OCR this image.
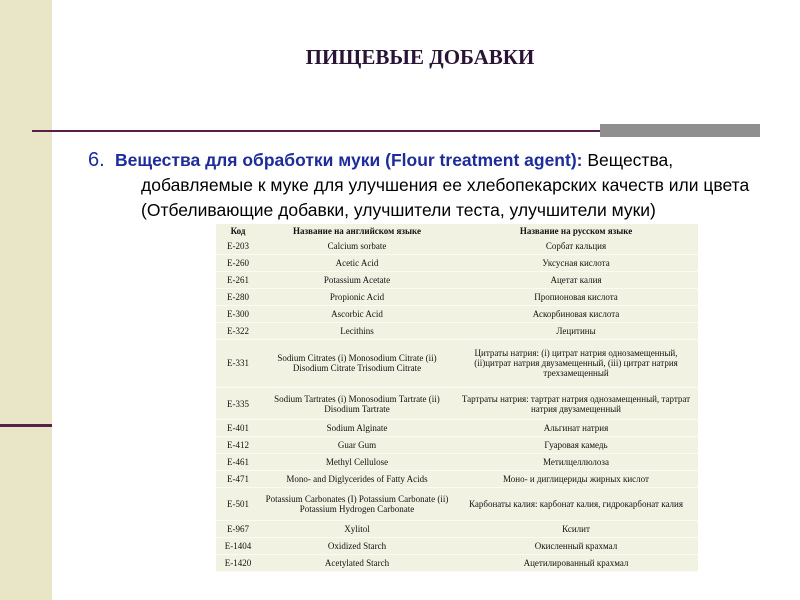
ПИЩЕВЫЕ ДОБАВКИ
6. Вещества для обработки муки (Flour treatment agent): Вещества, добавляемые к муке для улучшения ее хлебопекарских качеств или цвета (Отбеливающие добавки, улучшители теста, улучшители муки)
Код	Название на английском языке	Название на русском языке
E-203	Calcium sorbate	Сорбат кальция
E-260	Acetic Acid	Уксусная кислота
E-261	Potassium Acetate	Ацетат калия
E-280	Propionic Acid	Пропионовая кислота
E-300	Ascorbic Acid	Аскорбиновая кислота
E-322	Lecithins	Лецитины
E-331	Sodium Citrates (i) Monosodium Citrate (ii) Disodium Citrate Trisodium Citrate	Цитраты натрия: (i) цитрат натрия однозамещенный, (ii)цитрат натрия двузамещенный, (iii) цитрат натрия трехзамещенный
E-335	Sodium Tartrates (i) Monosodium Tartrate (ii) Disodium Tartrate	Тартраты натрия: тартрат натрия однозамещенный, тартрат натрия двузамещенный
E-401	Sodium Alginate	Альгинат натрия
E-412	Guar Gum	Гуаровая камедь
E-461	Methyl Cellulose	Метилцеллюлоза
E-471	Mono- and Diglycerides of Fatty Acids	Моно- и диглицериды жирных кислот
E-501	Potassium Carbonates (I) Potassium Carbonate (ii) Potassium Hydrogen Carbonate	Карбонаты калия: карбонат калия, гидрокарбонат калия
E-967	Xylitol	Ксилит
E-1404	Oxidized Starch	Окисленный крахмал
E-1420	Acetylated Starch	Ацетилированный крахмал
